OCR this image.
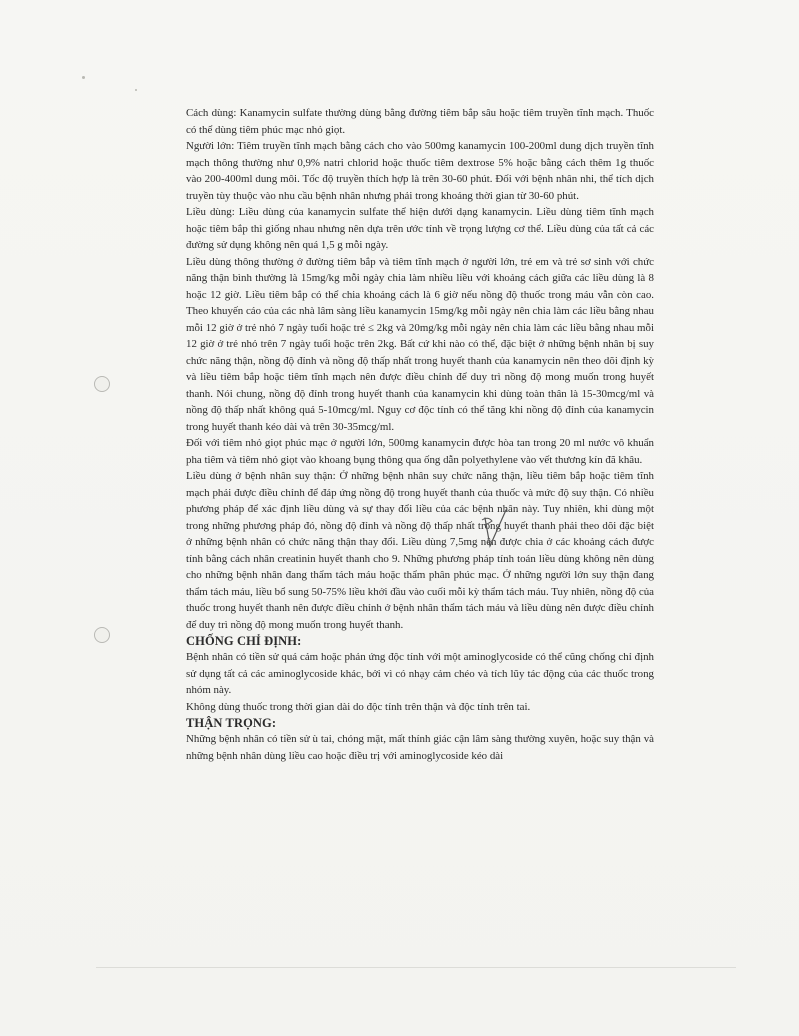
Cách dùng: Kanamycin sulfate thường dùng bằng đường tiêm bắp sâu hoặc tiêm truyền tĩnh mạch. Thuốc có thể dùng tiêm phúc mạc nhỏ giọt.

Người lớn: Tiêm truyền tĩnh mạch bằng cách cho vào 500mg kanamycin 100-200ml dung dịch truyền tĩnh mạch thông thường như 0,9% natri chlorid hoặc thuốc tiêm dextrose 5% hoặc bằng cách thêm 1g thuốc vào 200-400ml dung môi. Tốc độ truyền thích hợp là trên 30-60 phút. Đối với bệnh nhân nhi, thể tích dịch truyền tùy thuộc vào nhu cầu bệnh nhân nhưng phải trong khoảng thời gian từ 30-60 phút.

Liều dùng: Liều dùng của kanamycin sulfate thể hiện dưới dạng kanamycin. Liều dùng tiêm tĩnh mạch hoặc tiêm bắp thì giống nhau nhưng nên dựa trên ước tính về trọng lượng cơ thể. Liều dùng của tất cả các đường sử dụng không nên quá 1,5 g mỗi ngày.

Liều dùng thông thường ở đường tiêm bắp và tiêm tĩnh mạch ở người lớn, trẻ em và trẻ sơ sinh với chức năng thận bình thường là 15mg/kg mỗi ngày chia làm nhiều liều với khoảng cách giữa các liều dùng là 8 hoặc 12 giờ. Liều tiêm bắp có thể chia khoảng cách là 6 giờ nếu nồng độ thuốc trong máu vẫn còn cao. Theo khuyến cáo của các nhà lâm sàng liều kanamycin 15mg/kg mỗi ngày nên chia làm các liều bằng nhau mỗi 12 giờ ở trẻ nhỏ 7 ngày tuổi hoặc trẻ ≤ 2kg và 20mg/kg mỗi ngày nên chia làm các liều bằng nhau mỗi 12 giờ ở trẻ nhỏ trên 7 ngày tuổi hoặc trên 2kg. Bất cứ khi nào có thể, đặc biệt ở những bệnh nhân bị suy chức năng thận, nồng độ đỉnh và nồng độ thấp nhất trong huyết thanh của kanamycin nên theo dõi định kỳ và liều tiêm bắp hoặc tiêm tĩnh mạch nên được điều chỉnh để duy trì nồng độ mong muốn trong huyết thanh. Nói chung, nồng độ đỉnh trong huyết thanh của kanamycin khi dùng toàn thân là 15-30mcg/ml và nồng độ thấp nhất không quá 5-10mcg/ml. Nguy cơ độc tính có thể tăng khi nồng độ đỉnh của kanamycin trong huyết thanh kéo dài và trên 30-35mcg/ml.

Đối với tiêm nhỏ giọt phúc mạc ở người lớn, 500mg kanamycin được hòa tan trong 20 ml nước vô khuẩn pha tiêm và tiêm nhỏ giọt vào khoang bụng thông qua ống dẫn polyethylene vào vết thương kín đã khâu.

Liều dùng ở bệnh nhân suy thận: Ở những bệnh nhân suy chức năng thận, liều tiêm bắp hoặc tiêm tĩnh mạch phải được điều chỉnh để đáp ứng nồng độ trong huyết thanh của thuốc và mức độ suy thận. Có nhiều phương pháp để xác định liều dùng và sự thay đổi liều của các bệnh nhân này. Tuy nhiên, khi dùng một trong những phương pháp đó, nồng độ đỉnh và nồng độ thấp nhất trong huyết thanh phải theo dõi đặc biệt ở những bệnh nhân có chức năng thận thay đổi. Liều dùng 7,5mg nên được chia ở các khoảng cách được tính bằng cách nhân creatinin huyết thanh cho 9. Những phương pháp tính toán liều dùng không nên dùng cho những bệnh nhân đang thẩm tách máu hoặc thẩm phân phúc mạc. Ở những người lớn suy thận đang thẩm tách máu, liều bổ sung 50-75% liều khởi đầu vào cuối mỗi kỳ thẩm tách máu. Tuy nhiên, nồng độ của thuốc trong huyết thanh nên được điều chỉnh ở bệnh nhân thẩm tách máu và liều dùng nên được điều chỉnh để duy trì nồng độ mong muốn trong huyết thanh.

CHỐNG CHỈ ĐỊNH:

Bệnh nhân có tiền sử quá cảm hoặc phản ứng độc tính với một aminoglycoside có thể cũng chống chỉ định sử dụng tất cả các aminoglycoside khác, bởi vì có nhạy cảm chéo và tích lũy tác động của các thuốc trong nhóm này.

Không dùng thuốc trong thời gian dài do độc tính trên thận và độc tính trên tai.

THẬN TRỌNG:

Những bệnh nhân có tiền sử ù tai, chóng mặt, mất thính giác cận lâm sàng thường xuyên, hoặc suy thận và những bệnh nhân dùng liều cao hoặc điều trị với aminoglycoside kéo dài
